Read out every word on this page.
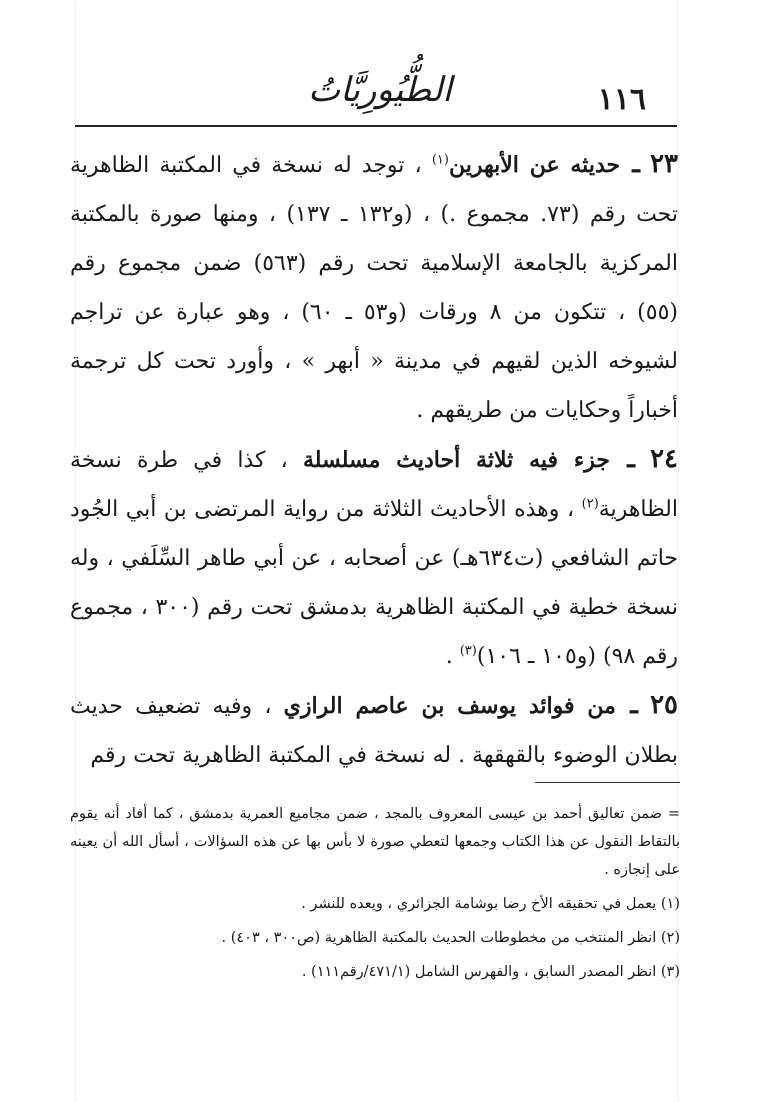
الطُّيُورِيَّاتُ	١١٦

٢٣ ـ حديثه عن الأبهرين$^{(١)}$ ، توجد له نسخة في المكتبة الظاهرية تحت رقم (٧٣. مجموع .) ، (و١٣٢ ـ ١٣٧) ، ومنها صورة بالمكتبة المركزية بالجامعة الإسلامية تحت رقم (٥٦٣) ضمن مجموع رقم (٥٥) ، تتكون من ٨ ورقات (و٥٣ ـ ٦٠) ، وهو عبارة عن تراجم لشيوخه الذين لقيهم في مدينة « أبهر » ، وأورد تحت كل ترجمة أخباراً وحكايات من طريقهم .

٢٤ ـ جزء فيه ثلاثة أحاديث مسلسلة ، كذا في طرة نسخة الظاهرية$^{(٢)}$ ، وهذه الأحاديث الثلاثة من رواية المرتضى بن أبي الجُود حاتم الشافعي (ت٦٣٤هـ) عن أصحابه ، عن أبي طاهر السِّلَفي ، وله نسخة خطية في المكتبة الظاهرية بدمشق تحت رقم (٣٠٠ ، مجموع رقم ٩٨) (و١٠٥ ـ ١٠٦)$^{(٣)}$ .

٢٥ ـ من فوائد يوسف بن عاصم الرازي ، وفيه تضعيف حديث بطلان الوضوء بالقهقهة . له نسخة في المكتبة الظاهرية تحت رقم

= ضمن تعاليق أحمد بن عيسى المعروف بالمجد ، ضمن مجاميع العمرية بدمشق ، كما أفاد أنه يقوم بالتقاط النقول عن هذا الكتاب وجمعها لتعطي صورة لا بأس بها عن هذه السؤالات ، أسأل الله أن يعينه على إنجازه .

(١) يعمل في تحقيقه الأخ رضا بوشامة الجزائري ، ويعده للنشر .

(٢) انظر المنتخب من مخطوطات الحديث بالمكتبة الظاهرية (ص٣٠٠ ، ٤٠٣) .

(٣) انظر المصدر السابق ، والفهرس الشامل (٤٧١/١/رقم١١١) .
